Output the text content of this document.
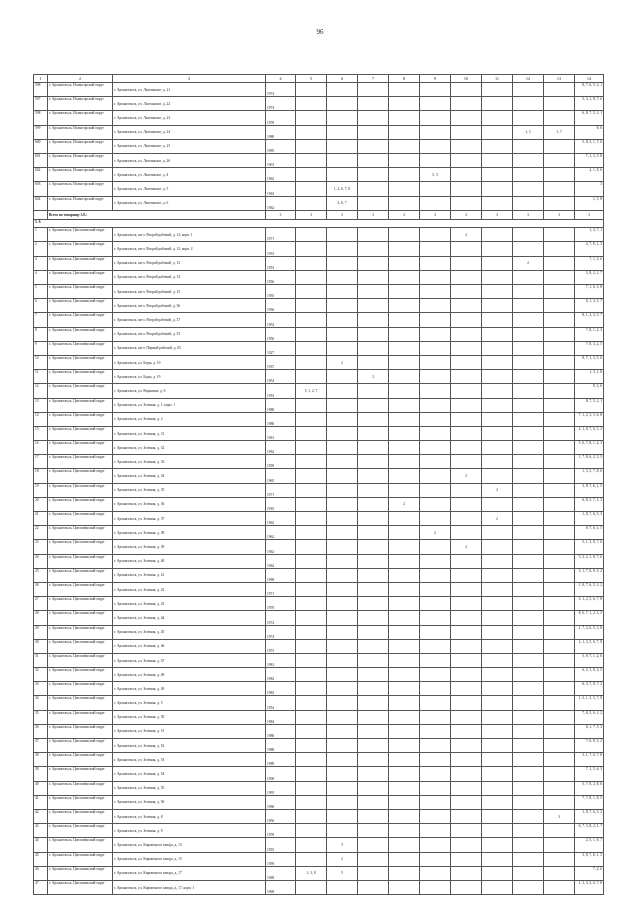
96
1	2	3	4	5	6	7	8	9	10	11	12	13	14
598	г. Архангельск, Исакогорский округ	г. Архангельск, ул. Лахтинское, д. 21	1974										8, 7, 6, 5, 3, 1
597	г. Архангельск, Исакогорский округ	г. Архангельск, ул. Лахтинское, д. 22	1974										5, 3, 1, 8, 7, 6
598	г. Архангельск, Исакогорский округ	г. Архангельск, ул. Лахтинское, д. 23	1978										6, 8, 7, 5, 3, 1
599	г. Архангельск, Исакогорский округ	г. Архангельск, ул. Лахтинское, д. 24	1980								1, 5	1, 7	8, 6
600	г. Архангельск, Исакогорский округ	г. Архангельск, ул. Лахтинское, д. 25	1995										5, 8, 3, 1, 7, 6
601	г. Архангельск, Исакогорский округ	г. Архангельск, ул. Лахтинское, д. 26	1901										7, 1, 3, 5, 8
602	г. Архангельск, Исакогорский округ	г. Архангельск, ул. Лахтинское, д. 4	1962					5, 3					2, 1, 8, 6
603	г. Архангельск, Исакогорский округ	г. Архангельск, ул. Лахтинское, д. 5	1963		1, 2, 6, 7, 8								3
604	г. Архангельск, Исакогорский округ	г. Архангельск, ул. Лахтинское, д. 6	1962		3, 6, 7								1, 5, 8
	Всего по товарищу 5.8.:		3	3	3	3	3	3	3	3	3	3	3
5. 9.													
1	г. Архангельск, Цигломенский округ	г. Архангельск, кв-л. Второй рабочий, д. 12, корп. 1	1971						2				1, 3, 7, 1
2	г. Архангельск, Цигломенский округ	г. Архангельск, кв-л. Второй рабочий, д. 12, корп. 2	1953										2, 7, 8, 1, 3
3	г. Архангельск, Цигломенский округ	г. Архангельск, кв-л. Второй рабочий, д. 13	1953								2		7, 1, 3, 6
4	г. Архангельск, Цигломенский округ	г. Архангельск, кв-л. Второй рабочий, д. 14	1956										5, 8, 2, 1, 7
5	г. Архангельск, Цигломенский округ	г. Архангельск, кв-л. Второй рабочий, д. 15	1955										7, 1, 6, 3, 8
6	г. Архангельск, Цигломенский округ	г. Архангельск, кв-л. Второй рабочий, д. 36	1956										8, 1, 3, 5, 7
7	г. Архангельск, Цигломенский округ	г. Архангельск, кв-л. Второй рабочий, д. 37	1952										8, 1, 2, 3, 5, 7
8	г. Архангельск, Цигломенский округ	г. Архангельск, кв-л. Второй рабочий, д. 53	1956										7, 8, 1, 2, 3
9	г. Архангельск, Цигломенский округ	г. Архангельск, кв-л. Первый рабочий, д. 65	1927										7, 8, 3, 2, 5
10	г. Архангельск, Цигломенский округ	г. Архангельск, ул. Боры, д. 10	1937		2								8, 7, 1, 3, 5, 6
11	г. Архангельск, Цигломенский округ	г. Архангельск, ул. Боры, д. 19	1954			3							1, 3, 1, 8
12	г. Архангельск, Цигломенский округ	г. Архангельск, ул. Водников, д. 6	1933	5, 1, 2, 7									8, 3, 6
13	г. Архангельск, Цигломенский округ	г. Архангельск, ул. Зеленая, д. 1, корп. 1	1980										8, 7, 5, 2, 1
14	г. Архангельск, Цигломенский округ	г. Архангельск, ул. Зеленая, д. 2	1980										7, 1, 2, 3, 5, 6, 8
15	г. Архангельск, Цигломенский округ	г. Архангельск, ул. Зеленая, д. 31	1961										2, 1, 8, 7, 6, 5, 3
16	г. Архангельск, Цигломенский округ	г. Архангельск, ул. Зеленая, д. 32	1962										5, 6, 7, 8, 1, 2, 3
17	г. Архангельск, Цигломенский округ	г. Архангельск, ул. Зеленая, д. 33	1959										1, 7, 8, 6, 2, 3, 5
18	г. Архангельск, Цигломенский округ	г. Архангельск, ул. Зеленая, д. 34	1965						2				1, 3, 5, 7, 8, 6
19	г. Архангельск, Цигломенский округ	г. Архангельск, ул. Зеленая, д. 35	1971							2			3, 8, 7, 6, 1, 5
20	г. Архангельск, Цигломенский округ	г. Архангельск, ул. Зеленая, д. 36	1910				2						6, 8, 5, 7, 1, 3
21	г. Архангельск, Цигломенский округ	г. Архангельск, ул. Зеленая, д. 37	1962							2			1, 8, 7, 6, 5, 3
22	г. Архангельск, Цигломенский округ	г. Архангельск, ул. Зеленая, д. 38	1962					2					8, 7, 6, 3, 5
23	г. Архангельск, Цигломенский округ	г. Архангельск, ул. Зеленая, д. 39	1962						2				5, 1, 3, 8, 7, 6
24	г. Архангельск, Цигломенский округ	г. Архангельск, ул. Зеленая, д. 40	1962										5, 3, 2, 1, 8, 7, 6
25	г. Архангельск, Цигломенский округ	г. Архангельск, ул. Зеленая, д. 41	1969										3, 1, 7, 6, 8, 5, 2
26	г. Архангельск, Цигломенский округ	г. Архангельск, ул. Зеленая, д. 42	1971										1, 8, 7, 6, 5, 3, 2
27	г. Архангельск, Цигломенский округ	г. Архангельск, ул. Зеленая, д. 43	1970										3, 1, 2, 5, 6, 7, 8
28	г. Архангельск, Цигломенский округ	г. Архангельск, ул. Зеленая, д. 44	1972										8, 6, 7, 1, 2, 3, 5
29	г. Архангельск, Цигломенский округ	г. Архангельск, ул. Зеленая, д. 45	1974										1, 7, 2, 6, 5, 3, 8
30	г. Архангельск, Цигломенский округ	г. Архангельск, ул. Зеленая, д. 46	1973										2, 1, 3, 5, 6, 7, 8
31	г. Архангельск, Цигломенский округ	г. Архангельск, ул. Зеленая, д. 47	1981										5, 8, 7, 1, 2, 6
32	г. Архангельск, Цигломенский округ	г. Архангельск, ул. Зеленая, д. 48	1982										6, 2, 1, 8, 3, 5
33	г. Архангельск, Цигломенский округ	г. Архангельск, ул. Зеленая, д. 49	1983										6, 3, 7, 8, 7, 2
34	г. Архангельск, Цигломенский округ	г. Архангельск, ул. Зеленая, д. 5	1954										1, 3, 1, 3, 5, 7, 8
35	г. Архангельск, Цигломенский округ	г. Архангельск, ул. Зеленая, д. 50	1984										7, 8, 5, 6, 1, 2
36	г. Архангельск, Цигломенский округ	г. Архангельск, ул. Зеленая, д. 51	1986										8, 1, 7, 5, 3
37	г. Архангельск, Цигломенский округ	г. Архангельск, ул. Зеленая, д. 52	1988										7, 6, 8, 5, 2
38	г. Архангельск, Цигломенский округ	г. Архангельск, ул. Зеленая, д. 53	1989										3, 1, 7, 6, 7, 8
39	г. Архангельск, Цигломенский округ	г. Архангельск, ул. Зеленая, д. 54	1990										7, 1, 5, 6, 3
40	г. Архангельск, Цигломенский округ	г. Архангельск, ул. Зеленая, д. 55	1993										5, 7, 8, 2, 8, 6
41	г. Архангельск, Цигломенский округ	г. Архангельск, ул. Зеленая, д. 56	1996										7, 7, 8, 1, 8, 5
42	г. Архангельск, Цигломенский округ	г. Архангельск, ул. Зеленая, д. 8	1956									3	1, 8, 7, 6, 5, 2
43	г. Архангельск, Цигломенский округ	г. Архангельск, ул. Зеленая, д. 9	1978										6, 7, 5, 8, 2, 1, 7
44	г. Архангельск, Цигломенский округ	г. Архангельск, ул. Кирпичного завода, д. 13	1955		3								2, 5, 1, 8, 7
45	г. Архангельск, Цигломенский округ	г. Архангельск, ул. Кирпичного завода, д. 15	1959		2								3, 8, 7, 6, 1, 5
46	г. Архангельск, Цигломенский округ	г. Архангельск, ул. Кирпичного завода, д. 17	1969	1, 3, 8	5								7, 2, 6
47	г. Архангельск, Цигломенский округ	г. Архангельск, ул. Кирпичного завода, д. 17, корп. 1	1969										1, 2, 3, 5, 6, 7, 8
